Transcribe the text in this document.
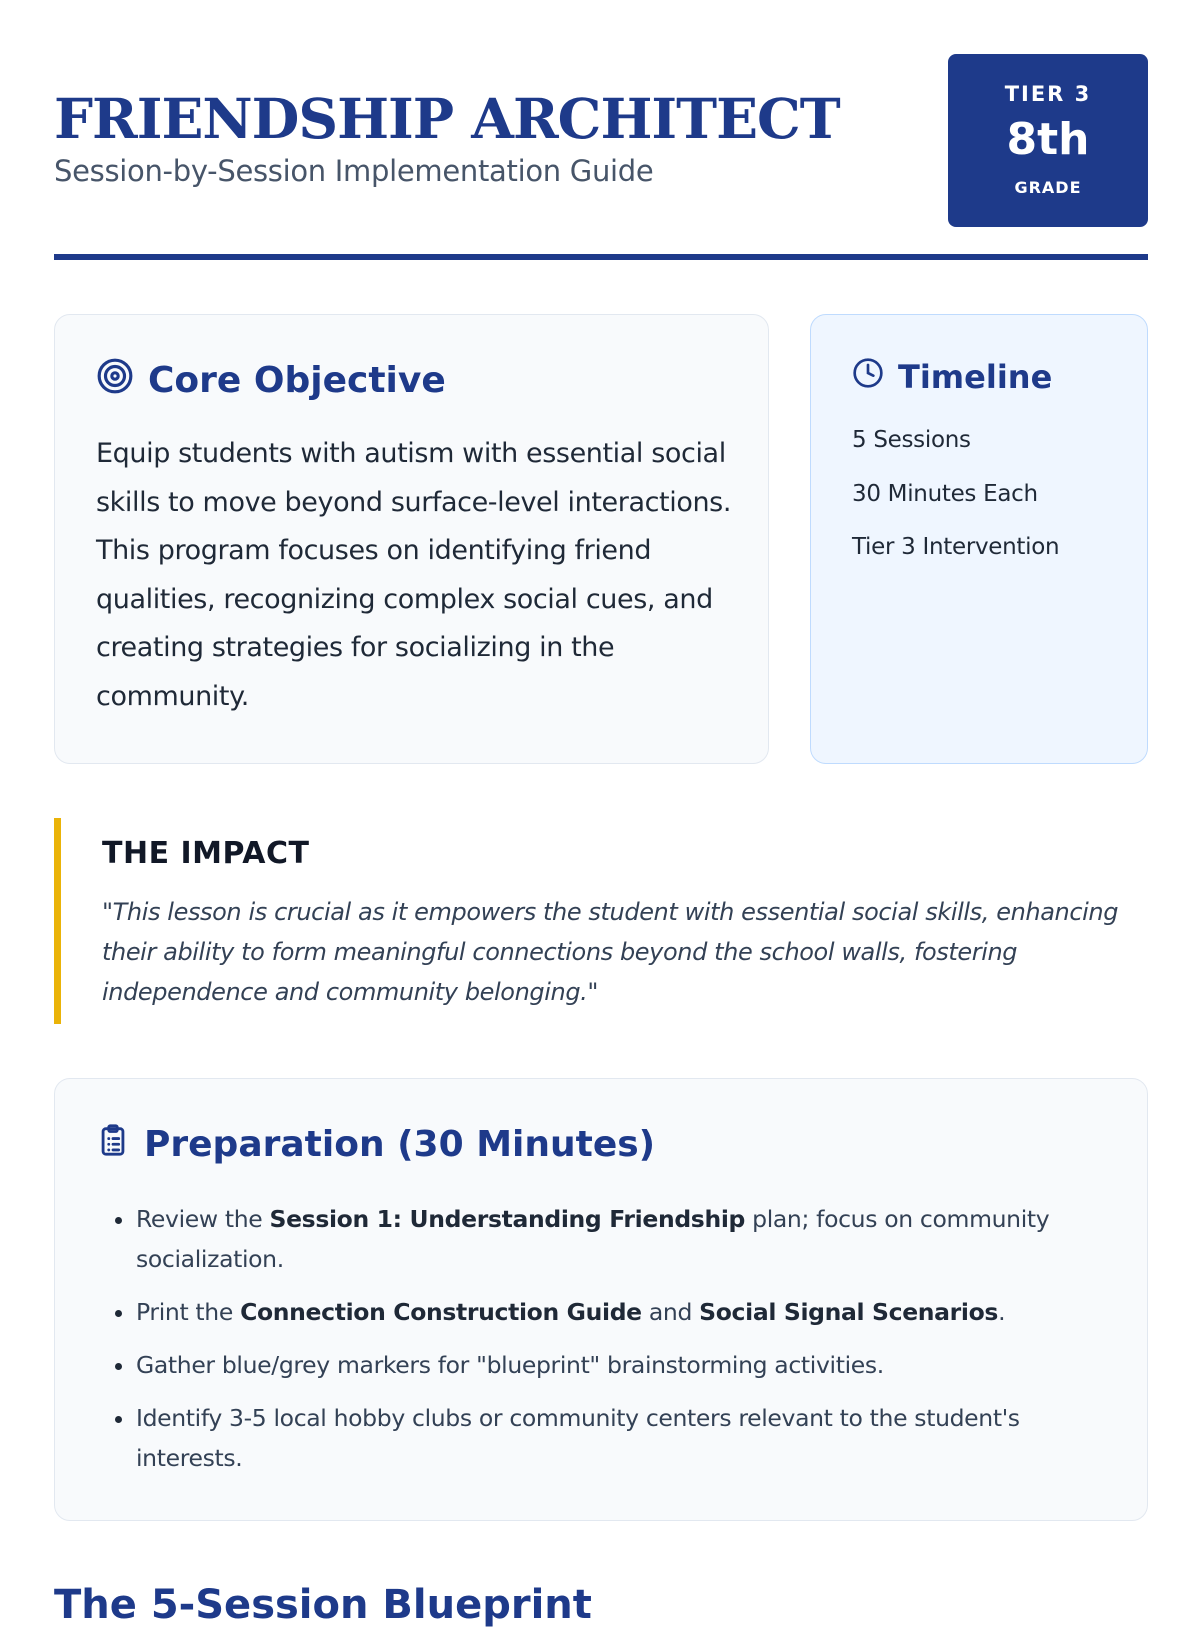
FRIENDSHIP ARCHITECT
Session-by-Session Implementation Guide
TIER 3
8th
GRADE
Core Objective

Equip students with autism with essential social skills to move beyond surface-level interactions. This program focuses on identifying friend qualities, recognizing complex social cues, and creating strategies for socializing in the community.

Timeline
5 Sessions
30 Minutes Each
Tier 3 Intervention
THE IMPACT

"This lesson is crucial as it empowers the student with essential social skills, enhancing their ability to form meaningful connections beyond the school walls, fostering independence and community belonging."

Preparation (30 Minutes)
• Review the Session 1: Understanding Friendship plan; focus on community socialization.
• Print the Connection Construction Guide and Social Signal Scenarios.
• Gather blue/grey markers for "blueprint" brainstorming activities.
• Identify 3-5 local hobby clubs or community centers relevant to the student's interests.
The 5-Session Blueprint
